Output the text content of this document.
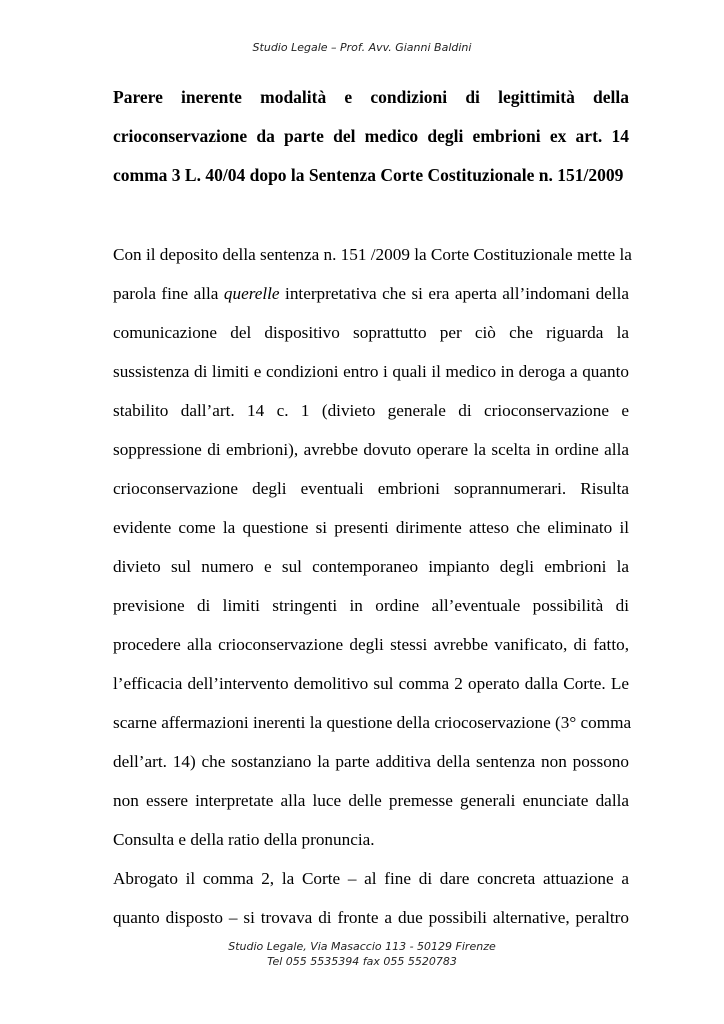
Studio Legale – Prof. Avv. Gianni Baldini
Parere inerente modalità e condizioni di legittimità della
crioconservazione da parte del medico degli embrioni ex art. 14
comma 3 L. 40/04 dopo la Sentenza Corte Costituzionale n. 151/2009
Con il deposito della sentenza n. 151 /2009 la Corte Costituzionale mette la
parola fine alla querelle interpretativa che si era aperta all’indomani della
comunicazione del dispositivo soprattutto per ciò che riguarda la
sussistenza di limiti e condizioni entro i quali il medico in deroga a quanto
stabilito dall’art. 14 c. 1 (divieto generale di crioconservazione e
soppressione di embrioni), avrebbe dovuto operare la scelta in ordine alla
crioconservazione degli eventuali embrioni soprannumerari. Risulta
evidente come la questione si presenti dirimente atteso che eliminato il
divieto sul numero e sul contemporaneo impianto degli embrioni la
previsione di limiti stringenti in ordine all’eventuale possibilità di
procedere alla crioconservazione degli stessi avrebbe vanificato, di fatto,
l’efficacia dell’intervento demolitivo sul comma 2 operato dalla Corte. Le
scarne affermazioni inerenti la questione della criocoservazione (3° comma
dell’art. 14) che sostanziano la parte additiva della sentenza non possono
non essere interpretate alla luce delle premesse generali enunciate dalla
Consulta e della ratio della pronuncia.
Abrogato il comma 2, la Corte – al fine di dare concreta attuazione a
quanto disposto – si trovava di fronte a due possibili alternative, peraltro
Studio Legale, Via Masaccio 113 - 50129 Firenze
Tel 055 5535394 fax 055 5520783
